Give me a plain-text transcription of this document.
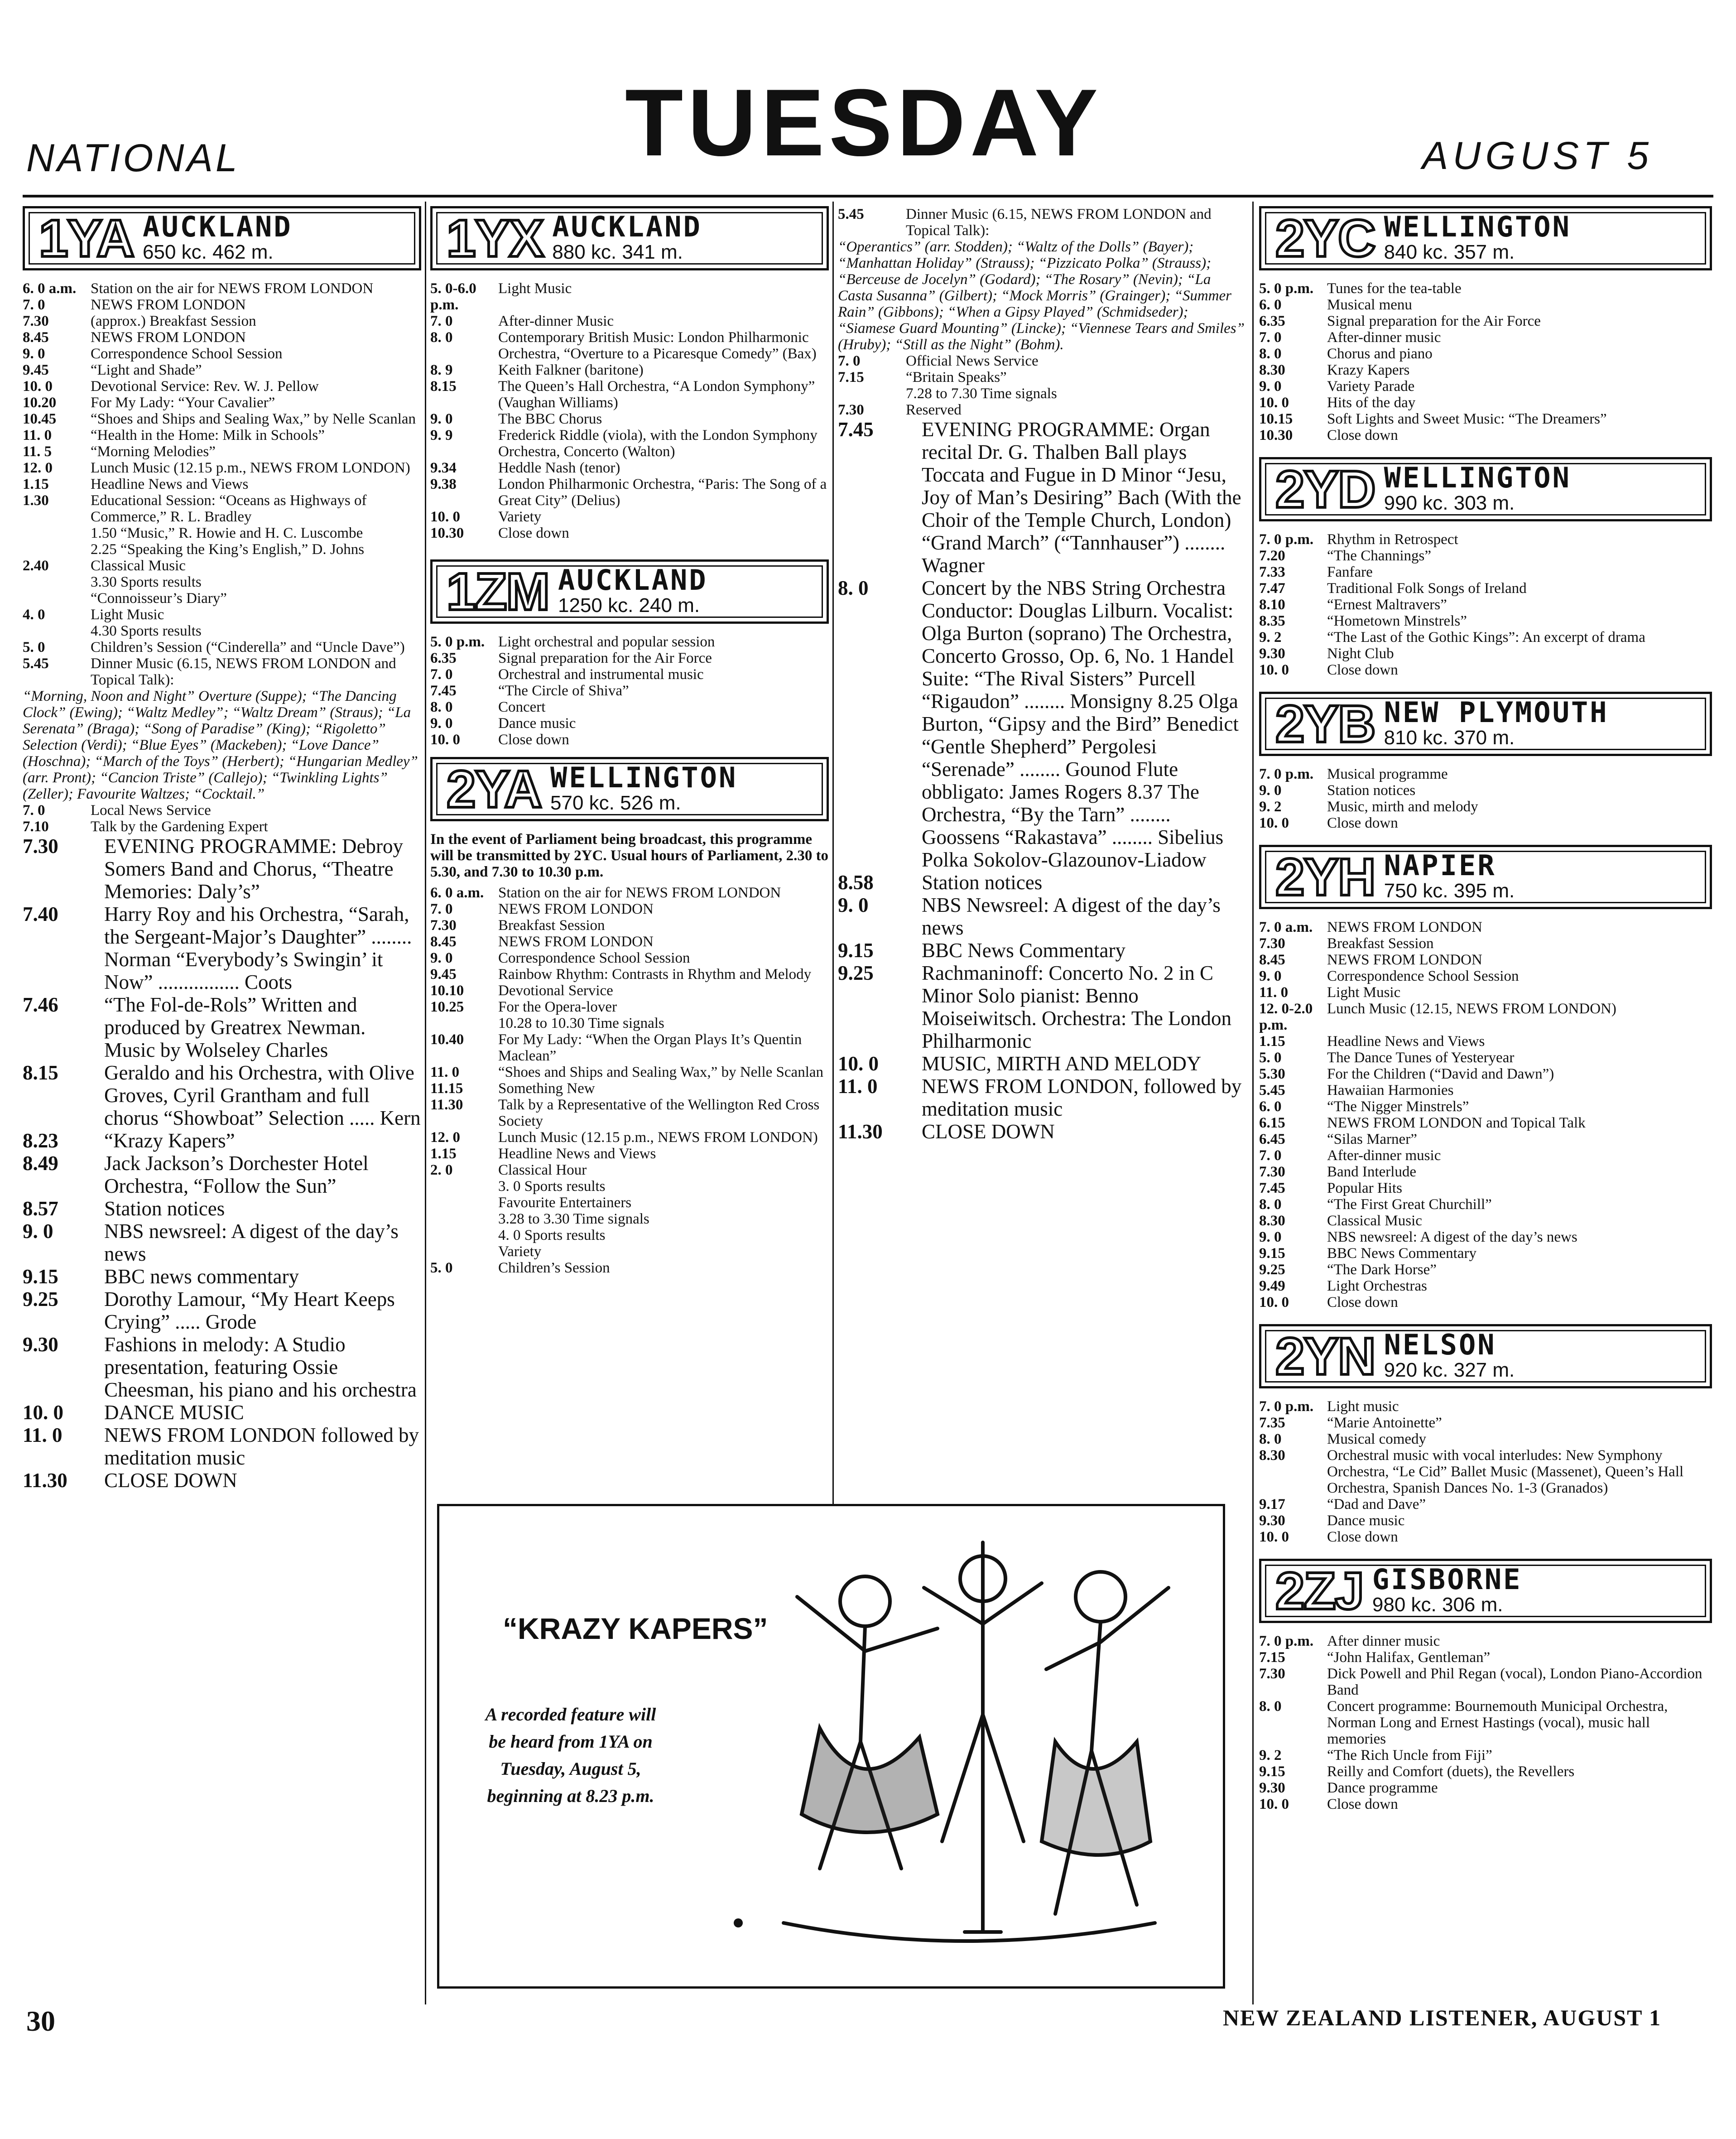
NATIONAL	TUESDAY	AUGUST 5
1YA AUCKLAND
650 kc. 462 m.
6. 0 a.m. Station on the air for NEWS FROM LONDON
7. 0	NEWS FROM LONDON
7.30	(approx.) Breakfast Session
8.45	NEWS FROM LONDON
9. 0	Correspondence School Session
9.45	“Light and Shade”
10. 0	Devotional Service: Rev. W. J. Pellow
10.20	For My Lady: “Your Cavalier”
10.45	“Shoes and Ships and Sealing Wax,” by Nelle Scanlan
11. 0	“Health in the Home: Milk in Schools”
11. 5	“Morning Melodies”
12. 0	Lunch Music (12.15 p.m., NEWS FROM LONDON)
1.15	Headline News and Views
1.30	Educational Session: “Oceans as Highways of Commerce,” R. L. Bradley
1.50 “Music,” R. Howie and H. C. Luscombe
2.25 “Speaking the King’s English,” D. Johns
2.40	Classical Music
3.30 Sports results
“Connoisseur’s Diary”
4. 0	Light Music
4.30 Sports results
5. 0	Children’s Session (“Cinderella” and “Uncle Dave”)
5.45	Dinner Music (6.15, NEWS FROM LONDON and Topical Talk):
“Morning, Noon and Night” Overture (Suppe); “The Dancing Clock” (Ewing); “Waltz Medley”; “Waltz Dream” (Straus); “La Serenata” (Braga); “Song of Paradise” (King); “Rigoletto” Selection (Verdi); “Blue Eyes” (Mackeben); “Love Dance” (Hoschna); “March of the Toys” (Herbert); “Hungarian Medley” (arr. Pront); “Cancion Triste” (Callejo); “Twinkling Lights” (Zeller); Favourite Waltzes; “Cocktail.”
7. 0	Local News Service
7.10	Talk by the Gardening Expert
7.30	EVENING PROGRAMME: Debroy Somers Band and Chorus, “Theatre Memories: Daly’s”
7.40	Harry Roy and his Orchestra, “Sarah, the Sergeant-Major’s Daughter” ........ Norman “Everybody’s Swingin’ it Now” ................ Coots
7.46	“The Fol-de-Rols” Written and produced by Greatrex Newman. Music by Wolseley Charles
8.15	Geraldo and his Orchestra, with Olive Groves, Cyril Grantham and full chorus “Showboat” Selection ..... Kern
8.23	“Krazy Kapers”
8.49	Jack Jackson’s Dorchester Hotel Orchestra, “Follow the Sun”
8.57	Station notices
9. 0	NBS newsreel: A digest of the day’s news
9.15	BBC news commentary
9.25	Dorothy Lamour, “My Heart Keeps Crying” ..... Grode
9.30	Fashions in melody: A Studio presentation, featuring Ossie Cheesman, his piano and his orchestra
10. 0	DANCE MUSIC
11. 0	NEWS FROM LONDON followed by meditation music
11.30	CLOSE DOWN
1YX AUCKLAND
880 kc. 341 m.
5. 0-6.0 p.m.
Light Music
7. 0	After-dinner Music
8. 0	Contemporary British Music: London Philharmonic Orchestra, “Overture to a Picaresque Comedy” (Bax)
8. 9	Keith Falkner (baritone)
8.15	The Queen’s Hall Orchestra, “A London Symphony” (Vaughan Williams)
9. 0	The BBC Chorus
9. 9	Frederick Riddle (viola), with the London Symphony Orchestra, Concerto (Walton)
9.34	Heddle Nash (tenor)
9.38	London Philharmonic Orchestra, “Paris: The Song of a Great City” (Delius)
10. 0	Variety
10.30	Close down
1ZM AUCKLAND
1250 kc. 240 m.
5. 0 p.m. Light orchestral and popular session
6.35	Signal preparation for the Air Force
7. 0	Orchestral and instrumental music
7.45	“The Circle of Shiva”
8. 0	Concert
9. 0	Dance music
10. 0	Close down
2YA WELLINGTON
570 kc. 526 m.
In the event of Parliament being broadcast, this programme will be transmitted by 2YC. Usual hours of Parliament, 2.30 to 5.30, and 7.30 to 10.30 p.m.
6. 0 a.m. Station on the air for NEWS FROM LONDON
7. 0	NEWS FROM LONDON
7.30	Breakfast Session
8.45	NEWS FROM LONDON
9. 0	Correspondence School Session
9.45	Rainbow Rhythm: Contrasts in Rhythm and Melody
10.10	Devotional Service
10.25	For the Opera-lover
10.28 to 10.30 Time signals
10.40	For My Lady: “When the Organ Plays It’s Quentin Maclean”
11. 0	“Shoes and Ships and Sealing Wax,” by Nelle Scanlan
11.15	Something New
11.30	Talk by a Representative of the Wellington Red Cross Society
12. 0	Lunch Music (12.15 p.m., NEWS FROM LONDON)
1.15	Headline News and Views
2. 0	Classical Hour
3. 0 Sports results
Favourite Entertainers
3.28 to 3.30 Time signals
4. 0 Sports results
Variety
5. 0	Children’s Session
5.45	Dinner Music (6.15, NEWS FROM LONDON and Topical Talk):
“Operantics” (arr. Stodden); “Waltz of the Dolls” (Bayer); “Manhattan Holiday” (Strauss); “Pizzicato Polka” (Strauss); “Berceuse de Jocelyn” (Godard); “The Rosary” (Nevin); “La Casta Susanna” (Gilbert); “Mock Morris” (Grainger); “Summer Rain” (Gibbons); “When a Gipsy Played” (Schmidseder); “Siamese Guard Mounting” (Lincke); “Viennese Tears and Smiles” (Hruby); “Still as the Night” (Bohm).
7. 0	Official News Service
7.15	“Britain Speaks”
7.28 to 7.30 Time signals
7.30	Reserved
7.45	EVENING PROGRAMME: Organ recital Dr. G. Thalben Ball plays Toccata and Fugue in D Minor “Jesu, Joy of Man’s Desiring” Bach (With the Choir of the Temple Church, London) “Grand March” (“Tannhauser”) ........ Wagner
8. 0	Concert by the NBS String Orchestra Conductor: Douglas Lilburn. Vocalist: Olga Burton (soprano) The Orchestra, Concerto Grosso, Op. 6, No. 1 Handel Suite: “The Rival Sisters” Purcell “Rigaudon” ........ Monsigny 8.25 Olga Burton, “Gipsy and the Bird” Benedict “Gentle Shepherd” Pergolesi “Serenade” ........ Gounod Flute obbligato: James Rogers 8.37 The Orchestra, “By the Tarn” ........ Goossens “Rakastava” ........ Sibelius Polka Sokolov-Glazounov-Liadow
8.58	Station notices
9. 0	NBS Newsreel: A digest of the day’s news
9.15	BBC News Commentary
9.25	Rachmaninoff: Concerto No. 2 in C Minor Solo pianist: Benno Moiseiwitsch. Orchestra: The London Philharmonic
10. 0	MUSIC, MIRTH AND MELODY
11. 0	NEWS FROM LONDON, followed by meditation music
11.30	CLOSE DOWN
2YC WELLINGTON
840 kc. 357 m.
5. 0 p.m. Tunes for the tea-table
6. 0	Musical menu
6.35	Signal preparation for the Air Force
7. 0	After-dinner music
8. 0	Chorus and piano
8.30	Krazy Kapers
9. 0	Variety Parade
10. 0	Hits of the day
10.15	Soft Lights and Sweet Music: “The Dreamers”
10.30	Close down
2YD WELLINGTON
990 kc. 303 m.
7. 0 p.m. Rhythm in Retrospect
7.20	“The Channings”
7.33	Fanfare
7.47	Traditional Folk Songs of Ireland
8.10	“Ernest Maltravers”
8.35	“Hometown Minstrels”
9. 2	“The Last of the Gothic Kings”: An excerpt of drama
9.30	Night Club
10. 0	Close down
2YB NEW PLYMOUTH
810 kc. 370 m.
7. 0 p.m. Musical programme
9. 0	Station notices
9. 2	Music, mirth and melody
10. 0	Close down
2YH NAPIER
750 kc. 395 m.
7. 0 a.m. NEWS FROM LONDON
7.30	Breakfast Session
8.45	NEWS FROM LONDON
9. 0	Correspondence School Session
11. 0	Light Music
12. 0-2.0 p.m.
Lunch Music (12.15, NEWS FROM LONDON)
1.15	Headline News and Views
5. 0	The Dance Tunes of Yesteryear
5.30	For the Children (“David and Dawn”)
5.45	Hawaiian Harmonies
6. 0	“The Nigger Minstrels”
6.15	NEWS FROM LONDON and Topical Talk
6.45	“Silas Marner”
7. 0	After-dinner music
7.30	Band Interlude
7.45	Popular Hits
8. 0	“The First Great Churchill”
8.30	Classical Music
9. 0	NBS newsreel: A digest of the day’s news
9.15	BBC News Commentary
9.25	“The Dark Horse”
9.49	Light Orchestras
10. 0	Close down
2YN NELSON
920 kc. 327 m.
7. 0 p.m. Light music
7.35	“Marie Antoinette”
8. 0	Musical comedy
8.30	Orchestral music with vocal interludes: New Symphony Orchestra, “Le Cid” Ballet Music (Massenet), Queen’s Hall Orchestra, Spanish Dances No. 1-3 (Granados)
9.17	“Dad and Dave”
9.30	Dance music
10. 0	Close down
2ZJ GISBORNE
980 kc. 306 m.
7. 0 p.m. After dinner music
7.15	“John Halifax, Gentleman”
7.30	Dick Powell and Phil Regan (vocal), London Piano-Accordion Band
8. 0	Concert programme: Bournemouth Municipal Orchestra, Norman Long and Ernest Hastings (vocal), music hall memories
9. 2	“The Rich Uncle from Fiji”
9.15	Reilly and Comfort (duets), the Revellers
9.30	Dance programme
10. 0	Close down
“KRAZY KAPERS”
A recorded feature will be heard from 1YA on Tuesday, August 5, beginning at 8.23 p.m.
30	NEW ZEALAND LISTENER, AUGUST 1
